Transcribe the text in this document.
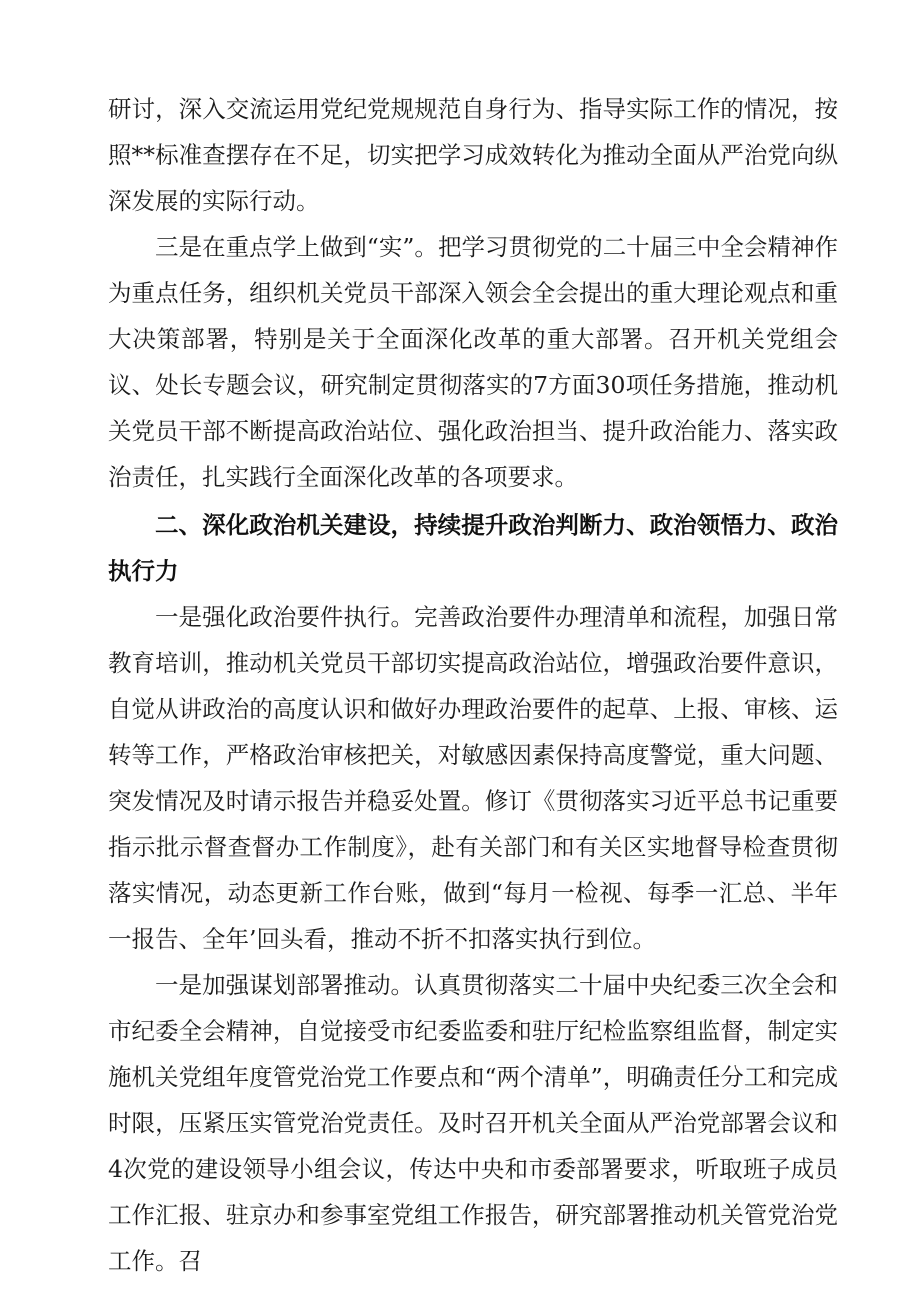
研讨，深入交流运用党纪党规规范自身行为、指导实际工作的情况，按照**标准查摆存在不足，切实把学习成效转化为推动全面从严治党向纵深发展的实际行动。

三是在重点学上做到“实”。把学习贯彻党的二十届三中全会精神作为重点任务，组织机关党员干部深入领会全会提出的重大理论观点和重大决策部署，特别是关于全面深化改革的重大部署。召开机关党组会议、处长专题会议，研究制定贯彻落实的7方面30项任务措施，推动机关党员干部不断提高政治站位、强化政治担当、提升政治能力、落实政治责任，扎实践行全面深化改革的各项要求。

二、深化政治机关建设，持续提升政治判断力、政治领悟力、政治执行力

一是强化政治要件执行。完善政治要件办理清单和流程，加强日常教育培训，推动机关党员干部切实提高政治站位，增强政治要件意识，自觉从讲政治的高度认识和做好办理政治要件的起草、上报、审核、运转等工作，严格政治审核把关，对敏感因素保持高度警觉，重大问题、突发情况及时请示报告并稳妥处置。修订《贯彻落实习近平总书记重要指示批示督查督办工作制度》，赴有关部门和有关区实地督导检查贯彻落实情况，动态更新工作台账，做到“每月一检视、每季一汇总、半年一报告、全年’回头看，推动不折不扣落实执行到位。

一是加强谋划部署推动。认真贯彻落实二十届中央纪委三次全会和市纪委全会精神，自觉接受市纪委监委和驻厅纪检监察组监督，制定实施机关党组年度管党治党工作要点和“两个清单”，明确责任分工和完成时限，压紧压实管党治党责任。及时召开机关全面从严治党部署会议和4次党的建设领导小组会议，传达中央和市委部署要求，听取班子成员工作汇报、驻京办和参事室党组工作报告，研究部署推动机关管党治党工作。召
